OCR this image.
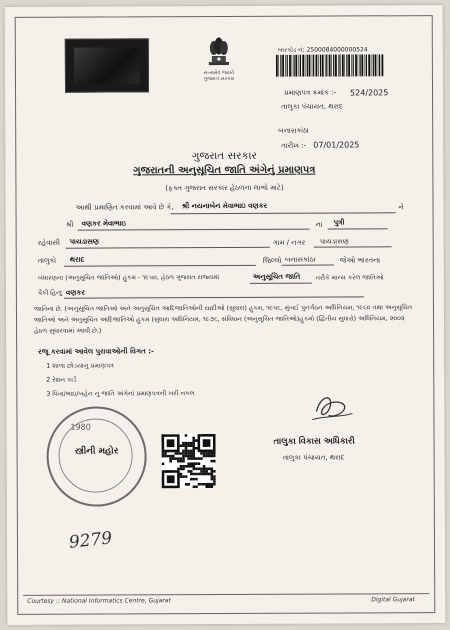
સત્યમેવ જયતે
ગુજરાત સરકાર
બારકોડ નં: 2500084000000524
પ્રમાણપત્ર ક્રમાંક :- 524/2025
તાલુકા પંચાયત, થરાદ
બનાસકાંઠા
તારીખ :- 07/01/2025
ગુજરાત સરકાર
ગુજરાતની અનુસૂચિત જાતિ અંગેનું પ્રમાણપત્ર
(ફક્ત ગુજરાત સરકાર હેઠળના લાભો માટે)
આથી પ્રમાણિત કરવામાં આવે છે કે, શ્રી નયનાબેન મેવાભાઇ વણકર	ને
શ્રી વણકર મેવાભાઇ	ના પુત્રી
રહેવાસી પાયડાસણ	ગામ / નગર પાયડાસણ
તાલુકો થરાદ	જિલ્લો બનાસકાંઠા	જેઓ ભારતના
બંધારણના (અનુસૂચિત જાતિઓ) હુકમ - ૧૯૫૦, હેઠળ ગુજરાત રાજ્યમાં	અનુસૂચિત જાતિ તરીકે માન્ય કરેલ જાતિઓ
પૈકી હિન્દુ વણકર
જાતિના છે. (અનુસૂચિત જાતિઓ અને અનુસૂચિત આદિજાતિઓની યાદીઓ (સુધારા) હુકમ, ૧૯૫૬, મુંબઈ પુનર્ગઠન અધિનિયમ, ૧૯૬૦ તથા અનુસૂચિત જાતિઓ અને અનુસૂચિત આદિજાતિઓ હુકમ (સુધારા અધિનિયમ, ૧૯૭૬, સંવિધાન (અનુસૂચિત જાતિઓ)હુકમો (દ્વિતીય સુધારો) અધિનિયમ, ૨૦૦૨ હેઠળ સુધારવામાં આવી છે.)
રજૂ કરવામાં આવેલ પુરાવાઓની વિગત :-
1 શાળા છોડયાનુ પ્રમાણપત્ર
2 રેશન કાર્ડ
3 પિતા/ભાઇ/બહેન નુ જાતિ અંગેનાં પ્રમાણપત્રની ખરી નકલ
1980
સ્ત્રીની મહોર
તાલુકા વિકાસ અધિકારી
તાલુકા પંચાયત, થરાદ
9279
Courtesy :: National Informatics Centre, Gujarat	Digital Gujarat
